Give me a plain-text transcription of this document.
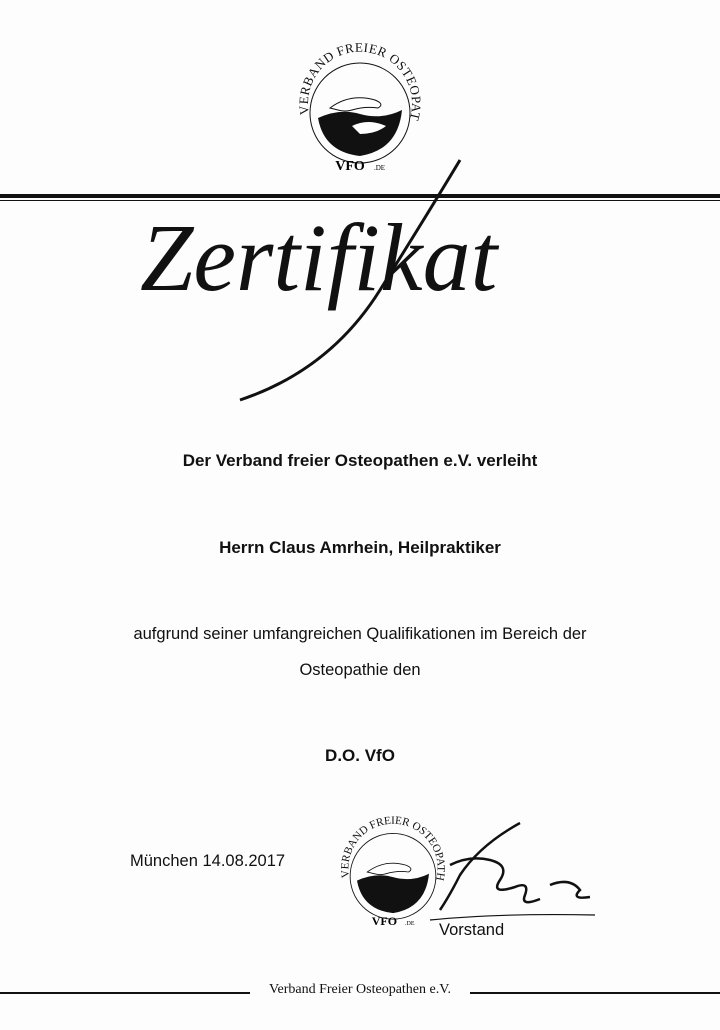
VERBAND FREIER OSTEOPAT
VFO .DE
Zertifikat
Der Verband freier Osteopathen e.V. verleiht
Herrn Claus Amrhein, Heilpraktiker
aufgrund seiner umfangreichen Qualifikationen im Bereich der
Osteopathie den
D.O. VfO
München 14.08.2017
VERBAND FREIER OSTEOPATH
VFO .DE Vorstand
Verband Freier Osteopathen e.V.
